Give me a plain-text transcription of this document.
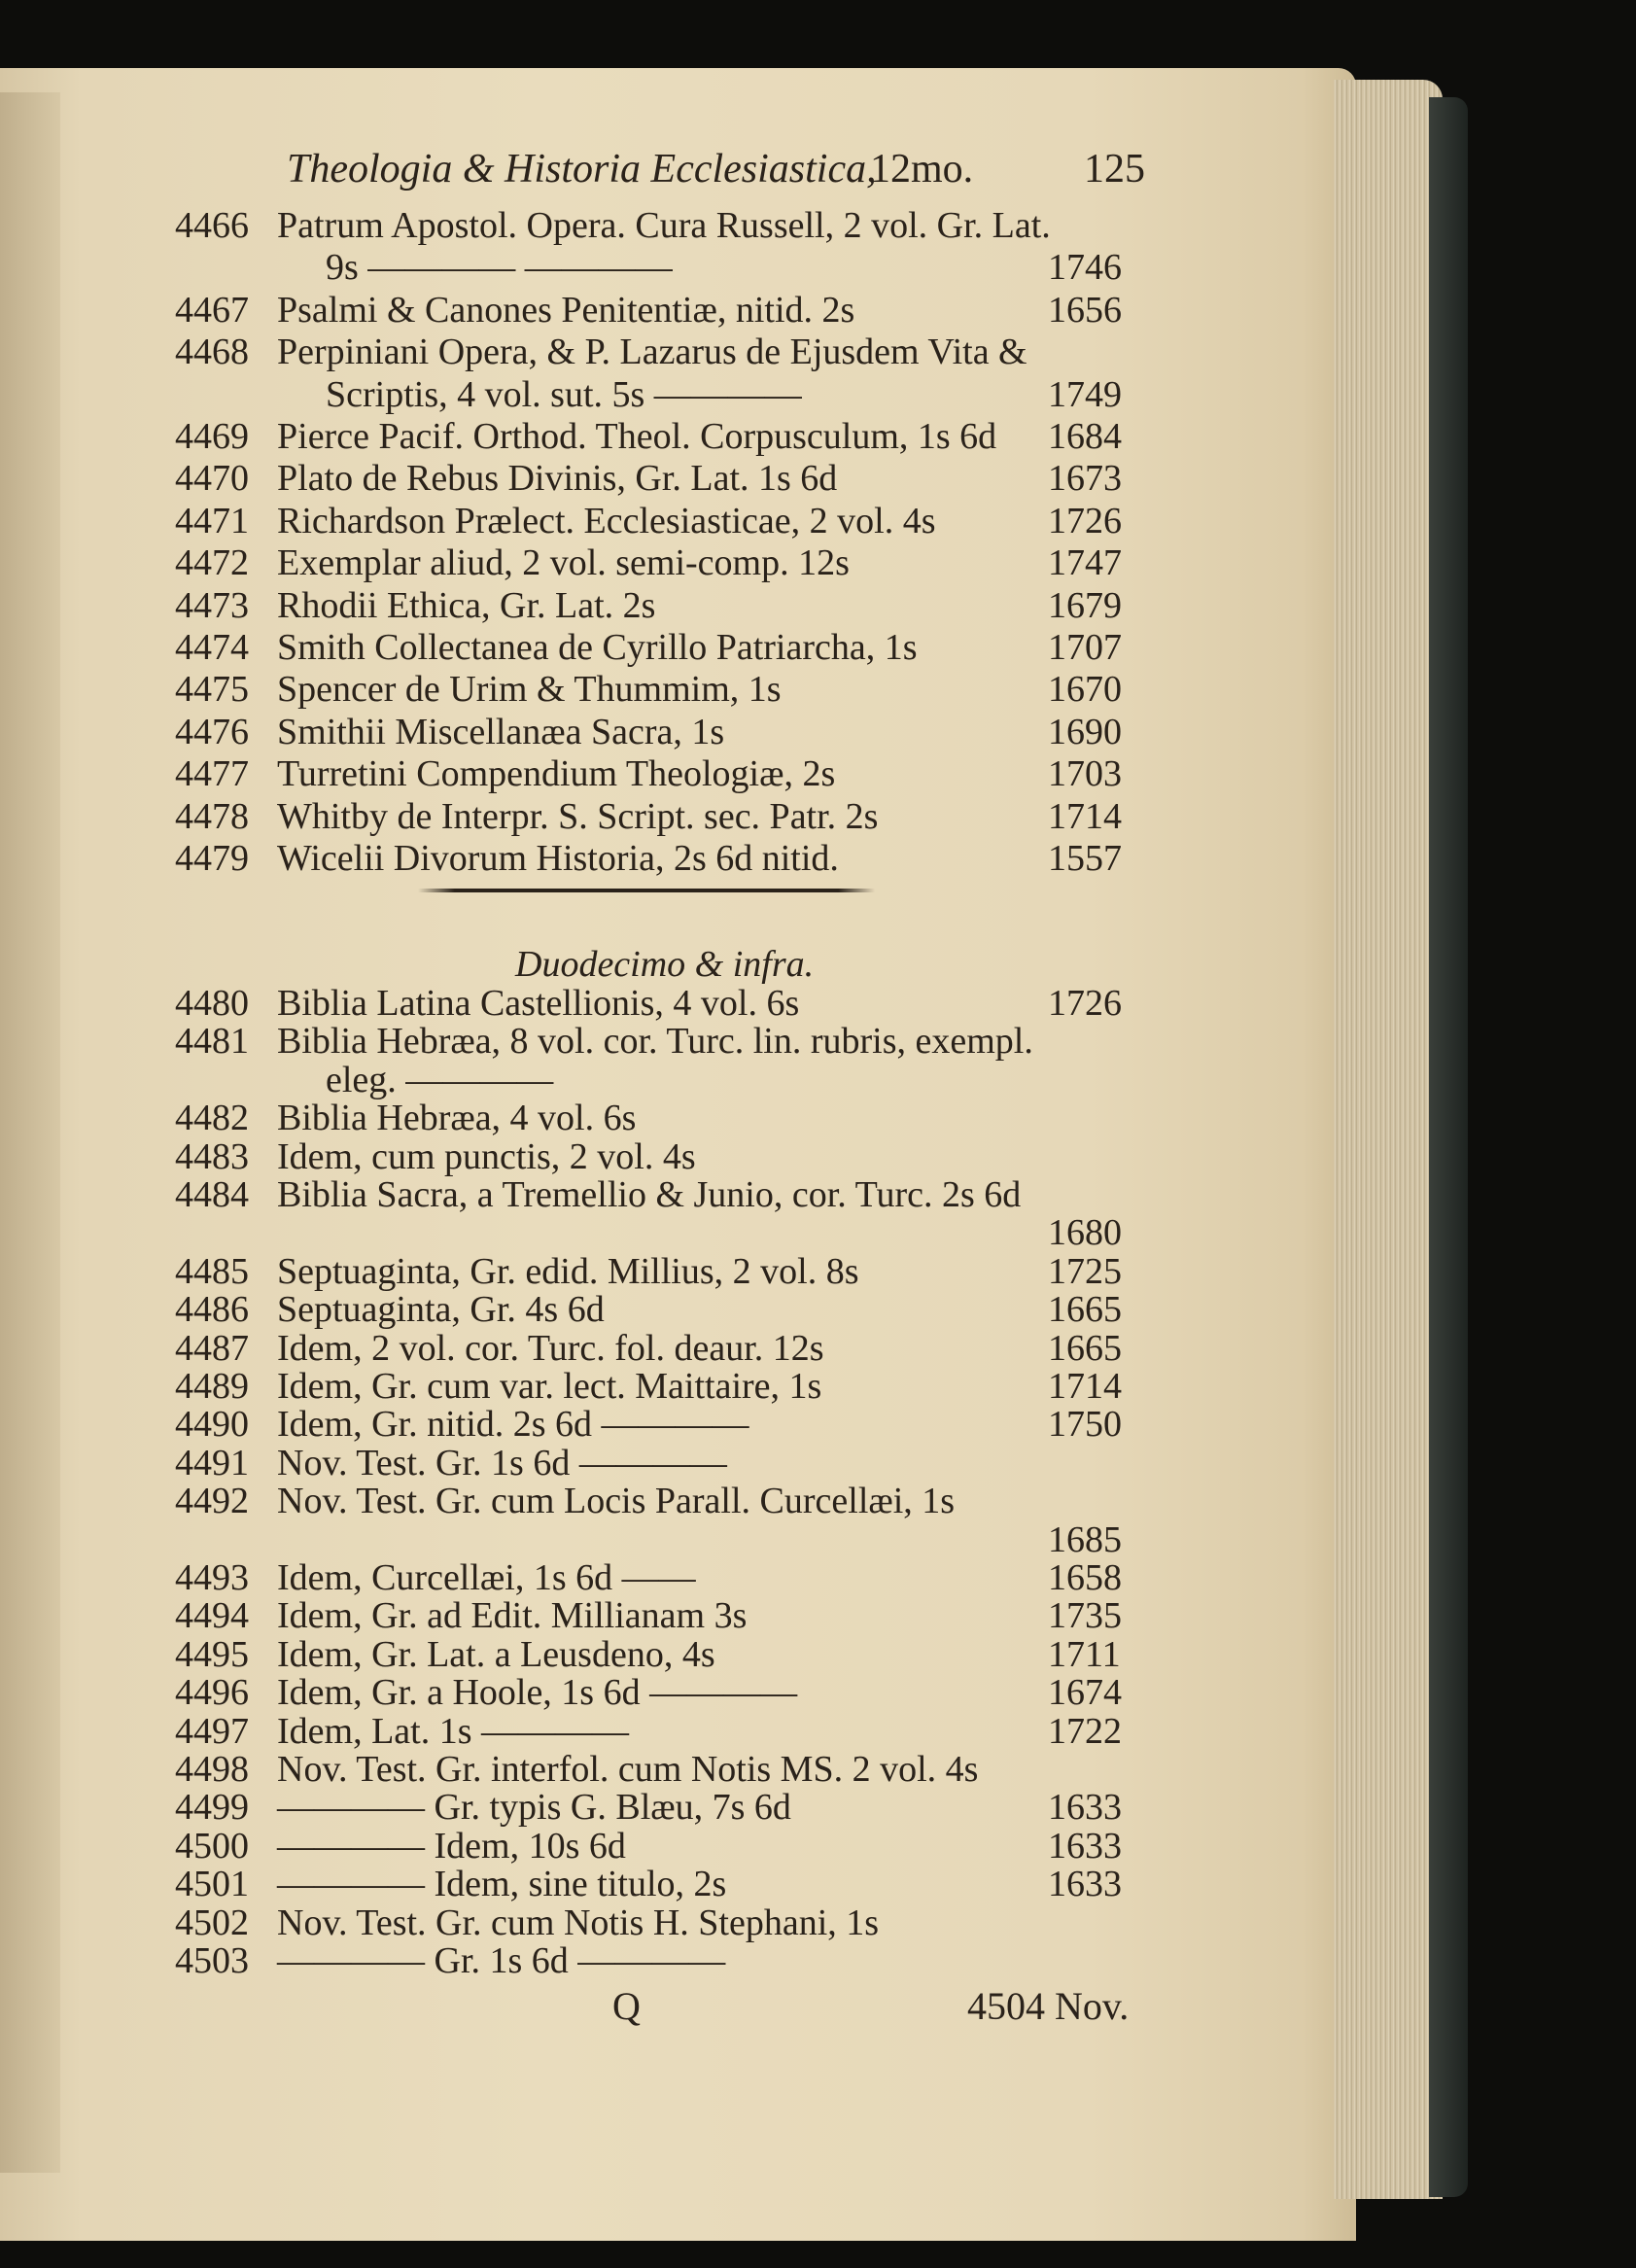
Theologia & Historia Ecclesiastica,
12mo.	125
4466 Patrum Apostol. Opera. Cura Russell, 2 vol. Gr. Lat.
9s ———— ————	1746
4467 Psalmi & Canones Penitentiæ, nitid. 2s	1656
4468 Perpiniani Opera, & P. Lazarus de Ejusdem Vita &
Scriptis, 4 vol. sut. 5s ————	1749
4469 Pierce Pacif. Orthod. Theol. Corpusculum, 1s 6d 1684
4470 Plato de Rebus Divinis, Gr. Lat. 1s 6d	1673
4471 Richardson Prælect. Ecclesiasticae, 2 vol. 4s	1726
4472 Exemplar aliud, 2 vol. semi-comp. 12s	1747
4473 Rhodii Ethica, Gr. Lat. 2s	1679
4474 Smith Collectanea de Cyrillo Patriarcha, 1s	1707
4475 Spencer de Urim & Thummim, 1s	1670
4476 Smithii Miscellanæa Sacra, 1s	1690
4477 Turretini Compendium Theologiæ, 2s	1703
4478 Whitby de Interpr. S. Script. sec. Patr. 2s	1714
4479 Wicelii Divorum Historia, 2s 6d nitid.	1557
Duodecimo & infra.
4480 Biblia Latina Castellionis, 4 vol. 6s	1726
4481 Biblia Hebræa, 8 vol. cor. Turc. lin. rubris, exempl.
eleg. ————
4482 Biblia Hebræa, 4 vol. 6s
4483 Idem, cum punctis, 2 vol. 4s
4484 Biblia Sacra, a Tremellio & Junio, cor. Turc. 2s 6d
1680
4485 Septuaginta, Gr. edid. Millius, 2 vol. 8s	1725
4486 Septuaginta, Gr. 4s 6d	1665
4487 Idem, 2 vol. cor. Turc. fol. deaur. 12s	1665
4489 Idem, Gr. cum var. lect. Maittaire, 1s	1714
4490 Idem, Gr. nitid. 2s 6d ————	1750
4491 Nov. Test. Gr. 1s 6d ————
4492 Nov. Test. Gr. cum Locis Parall. Curcellæi, 1s
1685
4493 Idem, Curcellæi, 1s 6d ——	1658
4494 Idem, Gr. ad Edit. Millianam 3s	1735
4495 Idem, Gr. Lat. a Leusdeno, 4s	1711
4496 Idem, Gr. a Hoole, 1s 6d ————	1674
4497 Idem, Lat. 1s ————	1722
4498 Nov. Test. Gr. interfol. cum Notis MS. 2 vol. 4s
4499 ———— Gr. typis G. Blæu, 7s 6d	1633
4500 ———— Idem, 10s 6d	1633
4501 ———— Idem, sine titulo, 2s	1633
4502 Nov. Test. Gr. cum Notis H. Stephani, 1s
4503 ———— Gr. 1s 6d ————
Q	4504 Nov.
